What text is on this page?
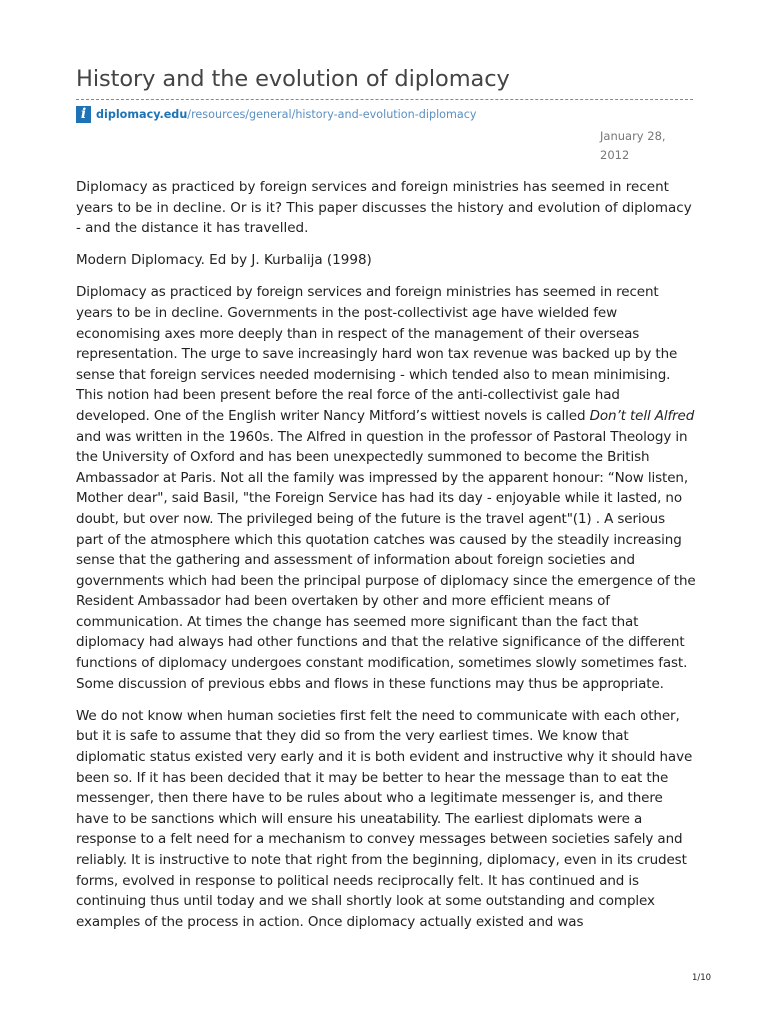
History and the evolution of diplomacy
i diplomacy.edu /resources/general/history-and-evolution-diplomacy
January 28, 2012

Diplomacy as practiced by foreign services and foreign ministries has seemed in recent years to be in decline. Or is it? This paper discusses the history and evolution of diplomacy - and the distance it has travelled.

Modern Diplomacy. Ed by J. Kurbalija (1998)

Diplomacy as practiced by foreign services and foreign ministries has seemed in recent years to be in decline. Governments in the post-collectivist age have wielded few economising axes more deeply than in respect of the management of their overseas representation. The urge to save increasingly hard won tax revenue was backed up by the sense that foreign services needed modernising - which tended also to mean minimising. This notion had been present before the real force of the anti-collectivist gale had developed. One of the English writer Nancy Mitford’s wittiest novels is called Don’t tell Alfred and was written in the 1960s. The Alfred in question in the professor of Pastoral Theology in the University of Oxford and has been unexpectedly summoned to become the British Ambassador at Paris. Not all the family was impressed by the apparent honour: “Now listen, Mother dear", said Basil, "the Foreign Service has had its day - enjoyable while it lasted, no doubt, but over now. The privileged being of the future is the travel agent"(1) . A serious part of the atmosphere which this quotation catches was caused by the steadily increasing sense that the gathering and assessment of information about foreign societies and governments which had been the principal purpose of diplomacy since the emergence of the Resident Ambassador had been overtaken by other and more efficient means of communication. At times the change has seemed more significant than the fact that diplomacy had always had other functions and that the relative significance of the different functions of diplomacy undergoes constant modification, sometimes slowly sometimes fast. Some discussion of previous ebbs and flows in these functions may thus be appropriate.

We do not know when human societies first felt the need to communicate with each other, but it is safe to assume that they did so from the very earliest times. We know that diplomatic status existed very early and it is both evident and instructive why it should have been so. If it has been decided that it may be better to hear the message than to eat the messenger, then there have to be rules about who a legitimate messenger is, and there have to be sanctions which will ensure his uneatability. The earliest diplomats were a response to a felt need for a mechanism to convey messages between societies safely and reliably. It is instructive to note that right from the beginning, diplomacy, even in its crudest forms, evolved in response to political needs reciprocally felt. It has continued and is continuing thus until today and we shall shortly look at some outstanding and complex examples of the process in action. Once diplomacy actually existed and was

1/10
